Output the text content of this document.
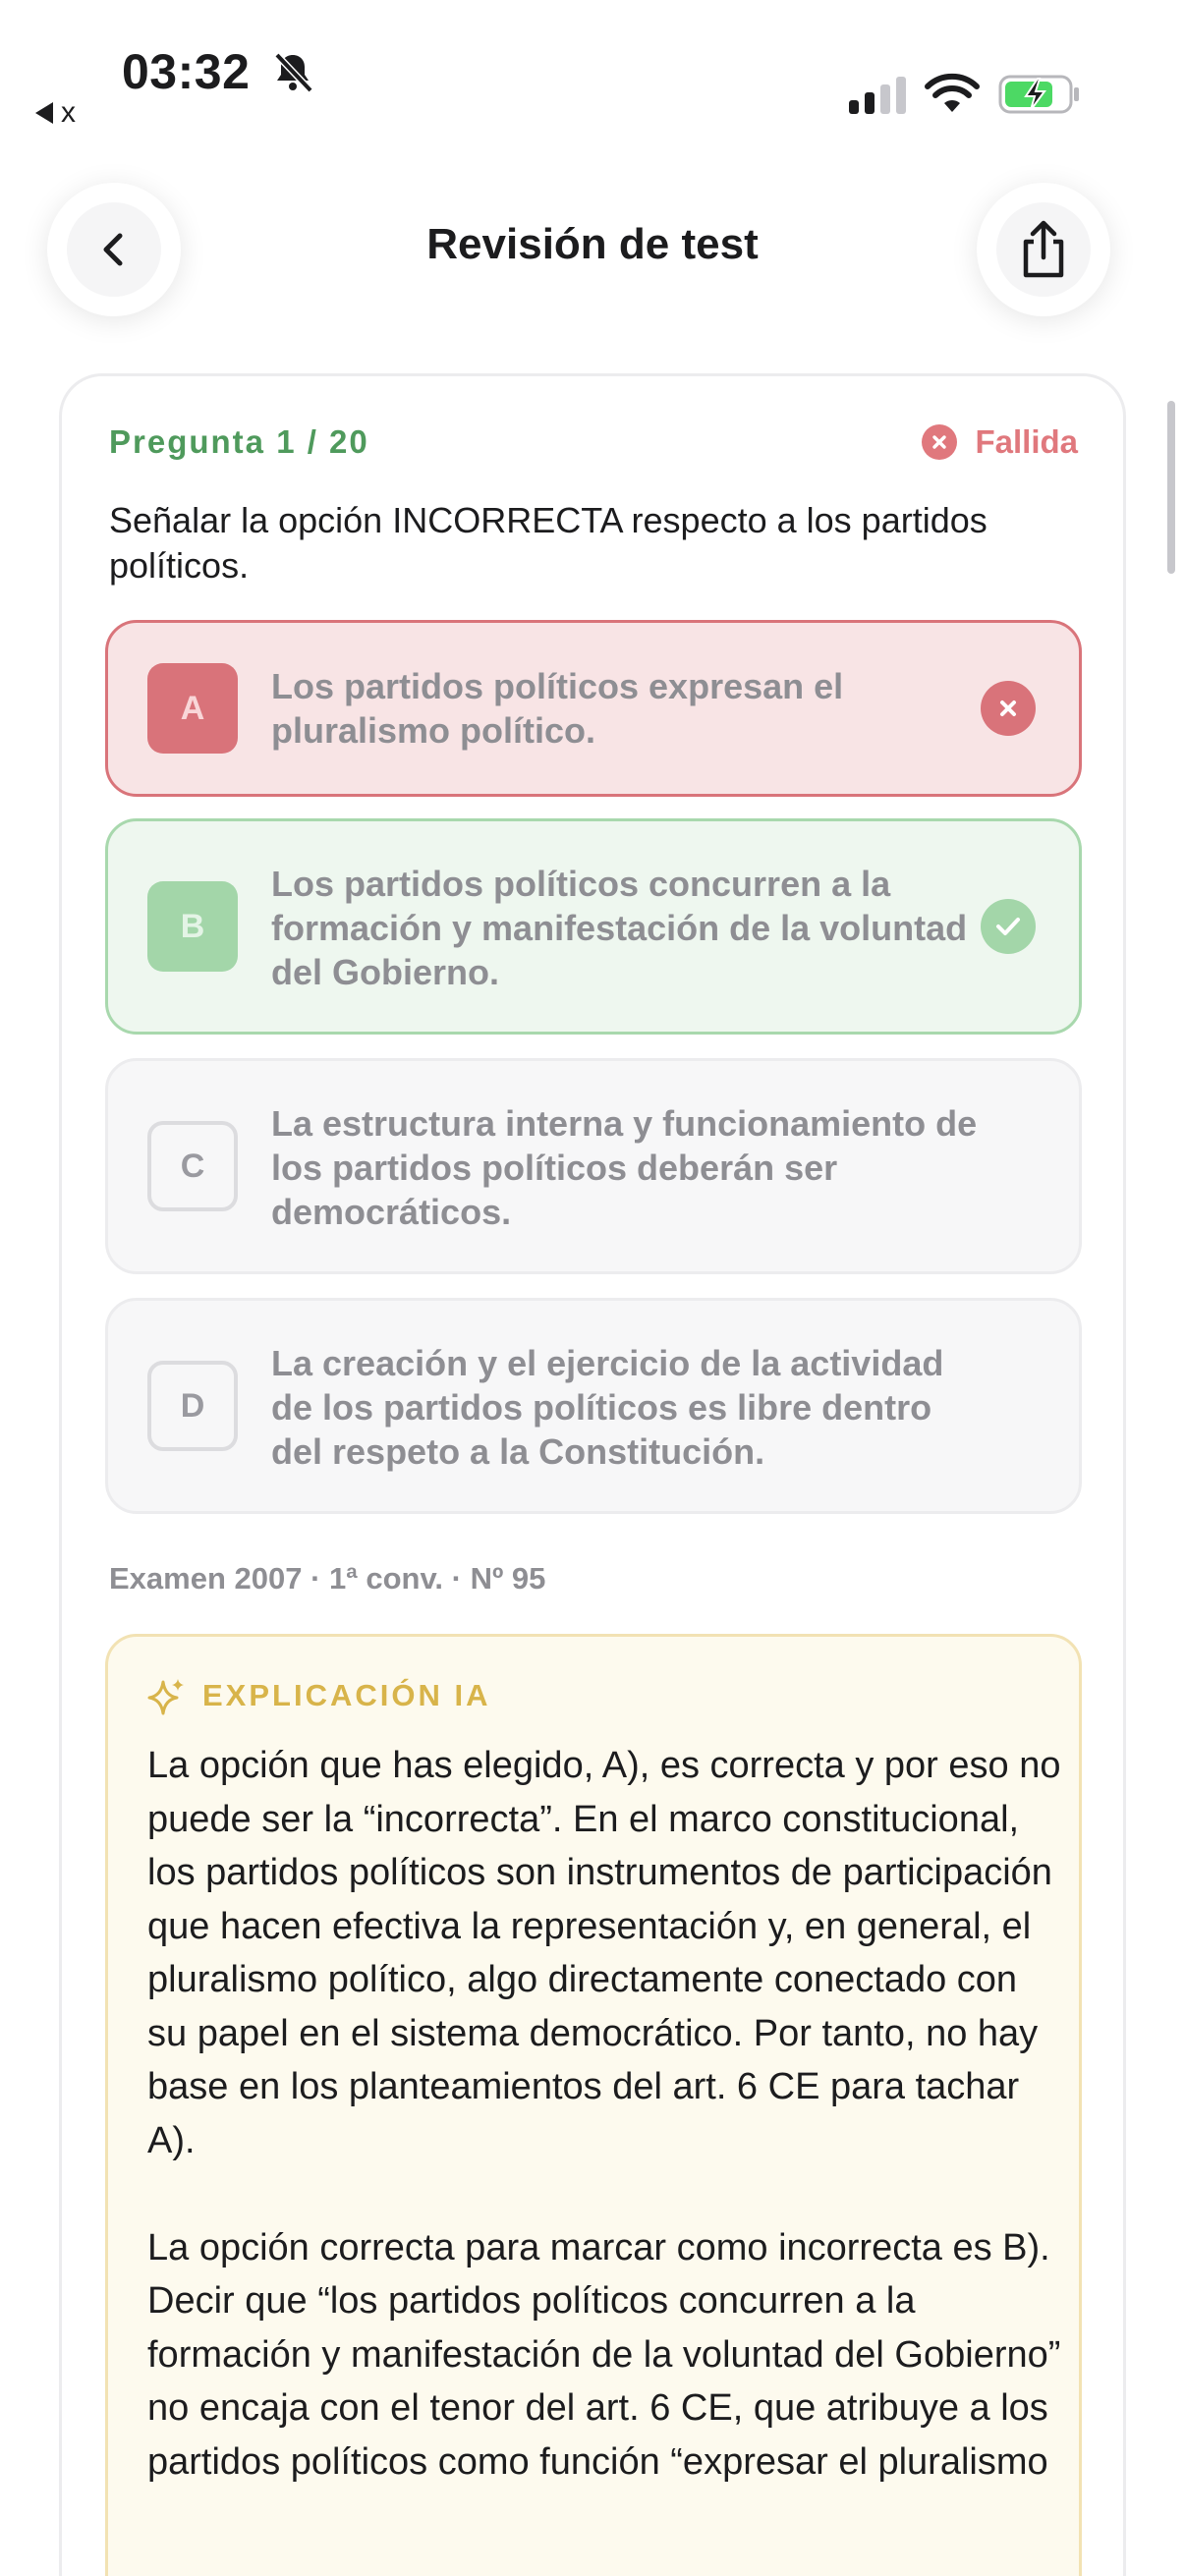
x
03:32
Revisión de test
Pregunta 1 / 20	Fallida
Señalar la opción INCORRECTA respecto a los partidos políticos.
A
Los partidos políticos expresan el pluralismo político.
B
Los partidos políticos concurren a la formación y manifestación de la voluntad del Gobierno.
C
La estructura interna y funcionamiento de los partidos políticos deberán ser democráticos.
D
La creación y el ejercicio de la actividad de los partidos políticos es libre dentro del respeto a la Constitución.
Examen 2007 · 1ª conv. · Nº 95
EXPLICACIÓN IA
La opción que has elegido, A), es correcta y por eso no puede ser la “incorrecta”. En el marco constitucional, los partidos políticos son instrumentos de participación que hacen efectiva la representación y, en general, el pluralismo político, algo directamente conectado con su papel en el sistema democrático. Por tanto, no hay base en los planteamientos del art. 6 CE para tachar A).

La opción correcta para marcar como incorrecta es B). Decir que “los partidos políticos concurren a la formación y manifestación de la voluntad del Gobierno” no encaja con el tenor del art. 6 CE, que atribuye a los partidos políticos como función “expresar el pluralismo
